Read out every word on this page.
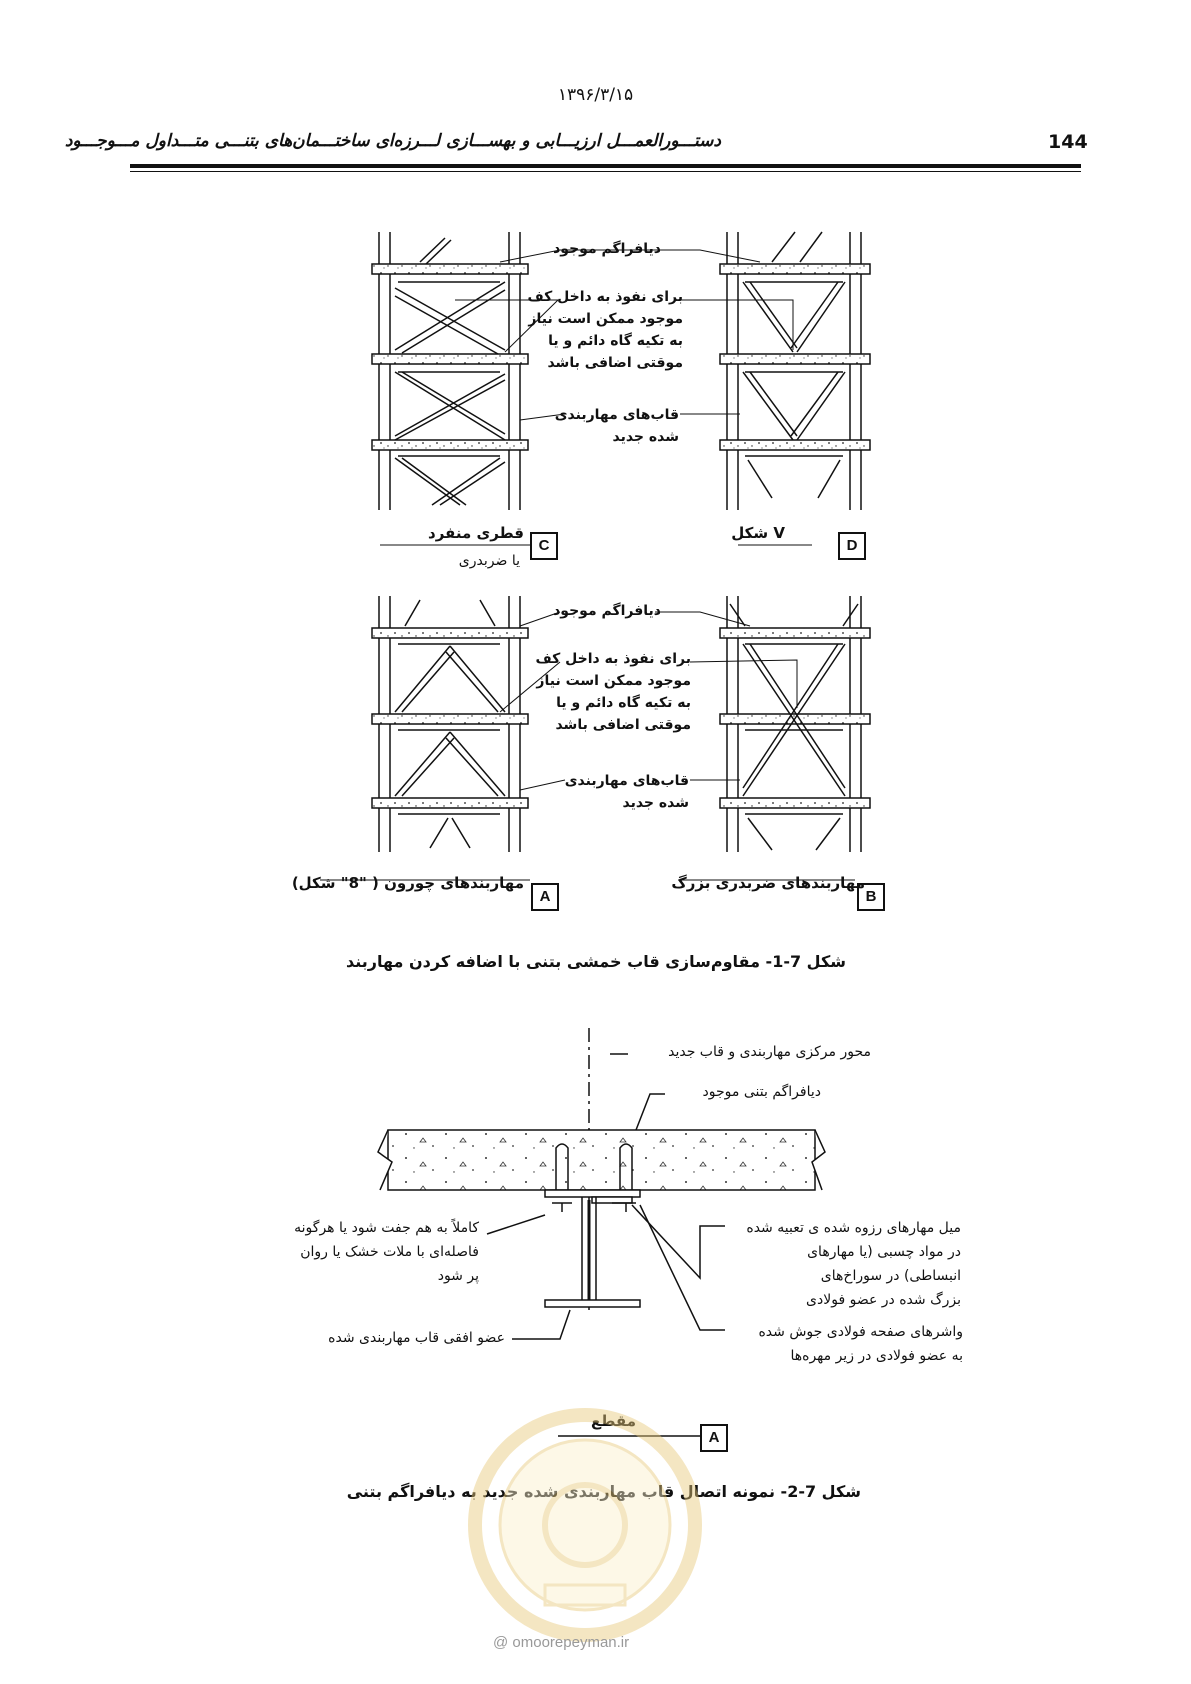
۱۳۹۶/۳/۱۵
144
دستـــورالعمـــل ارزیـــابی و بهســـازی لـــرزه‌ای ساختـــمان‌های بتنـــی متـــداول مـــوجـــود
دیافراگم موجود
برای نفوذ به داخل کف
موجود ممکن است نیاز
به تکیه گاه دائم و یا
موقتی اضافی باشد
قاب‌های مهاربندی
شده جدید
دیافراگم موجود
برای نفوذ به داخل کف
موجود ممکن است نیاز
به تکیه گاه دائم و یا
موقتی اضافی باشد
قاب‌های مهاربندی
شده جدید
قطری منفرد
یا ضربدری
C
V شکل
D
مهاربندهای چورون ( "8" شکل)
A
مهاربندهای ضربدری بزرگ
B
شکل 7-1- مقاوم‌سازی قاب خمشی بتنی با اضافه کردن مهاربند
محور مرکزی مهاربندی و قاب جدید
دیافراگم بتنی موجود
کاملاً به هم جفت شود یا هرگونه
فاصله‌ای با ملات خشک یا روان
پر شود
میل مهارهای رزوه شده ی تعبیه شده
در مواد چسبی (یا مهارهای
انبساطی) در سوراخ‌های
بزرگ شده در عضو فولادی
عضو افقی قاب مهاربندی شده	واشرهای صفحه فولادی جوش شده
به عضو فولادی در زیر مهره‌ها
مقطع
A
شکل 7-2- نمونه اتصال قاب مهاربندی شده جدید به دیافراگم بتنی
@ omoorepeyman.ir
